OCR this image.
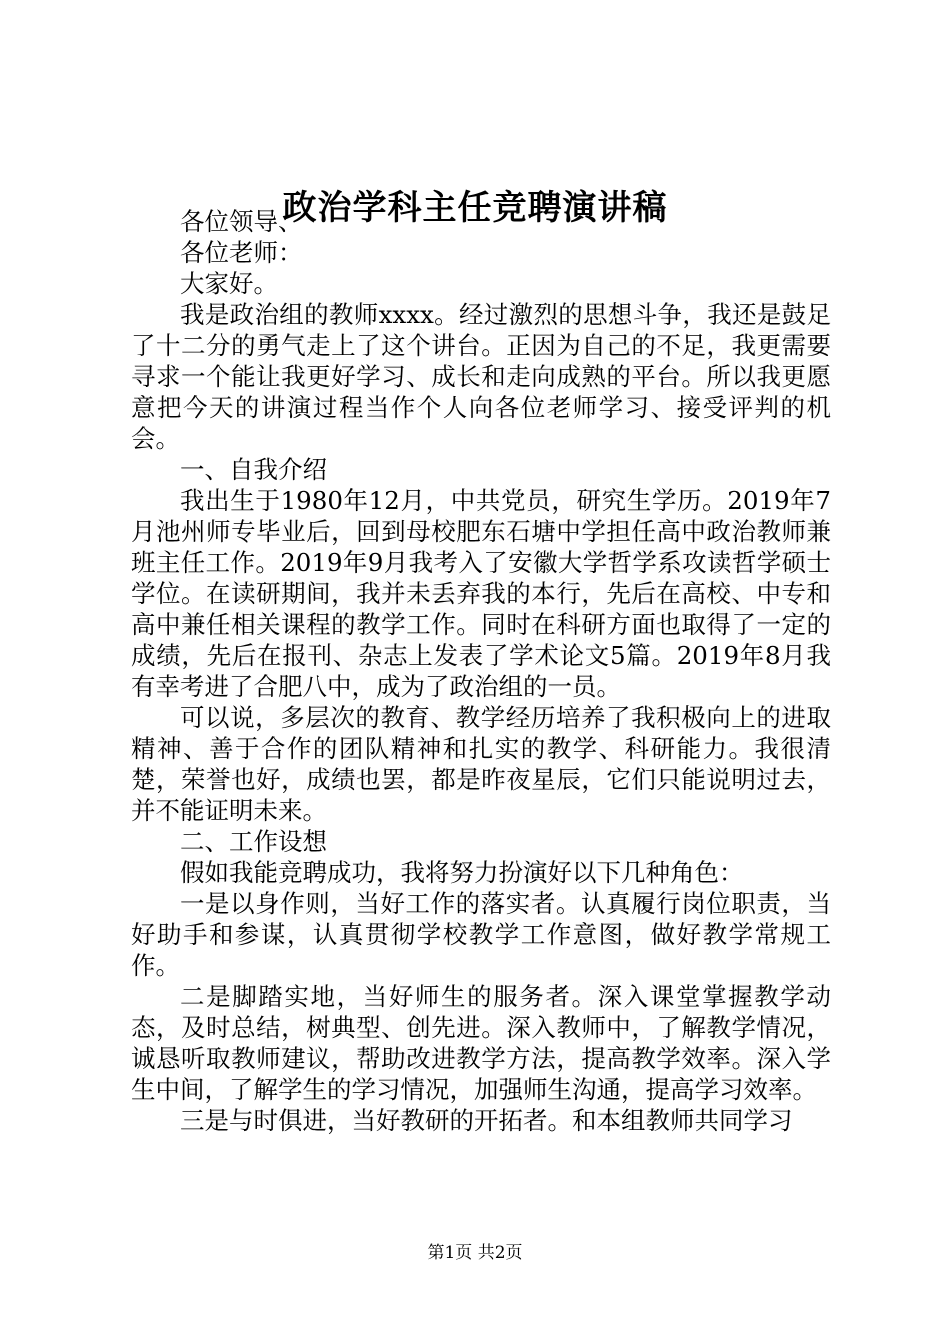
政治学科主任竞聘演讲稿

各位领导、

各位老师：

大家好。

我是政治组的教师xxxx。经过激烈的思想斗争，我还是鼓足了十二分的勇气走上了这个讲台。正因为自己的不足，我更需要寻求一个能让我更好学习、成长和走向成熟的平台。所以我更愿意把今天的讲演过程当作个人向各位老师学习、接受评判的机会。

一、自我介绍

我出生于1980年12月，中共党员，研究生学历。2019年7月池州师专毕业后，回到母校肥东石塘中学担任高中政治教师兼班主任工作。2019年9月我考入了安徽大学哲学系攻读哲学硕士学位。在读研期间，我并未丢弃我的本行，先后在高校、中专和高中兼任相关课程的教学工作。同时在科研方面也取得了一定的成绩，先后在报刊、杂志上发表了学术论文5篇。2019年8月我有幸考进了合肥八中，成为了政治组的一员。

可以说，多层次的教育、教学经历培养了我积极向上的进取精神、善于合作的团队精神和扎实的教学、科研能力。我很清楚，荣誉也好，成绩也罢，都是昨夜星辰，它们只能说明过去，并不能证明未来。

二、工作设想

假如我能竞聘成功，我将努力扮演好以下几种角色：

一是以身作则，当好工作的落实者。认真履行岗位职责，当好助手和参谋，认真贯彻学校教学工作意图，做好教学常规工作。

二是脚踏实地，当好师生的服务者。深入课堂掌握教学动态，及时总结，树典型、创先进。深入教师中，了解教学情况，诚恳听取教师建议，帮助改进教学方法，提高教学效率。深入学生中间，了解学生的学习情况，加强师生沟通，提高学习效率。

三是与时俱进，当好教研的开拓者。和本组教师共同学习

第1页 共2页
